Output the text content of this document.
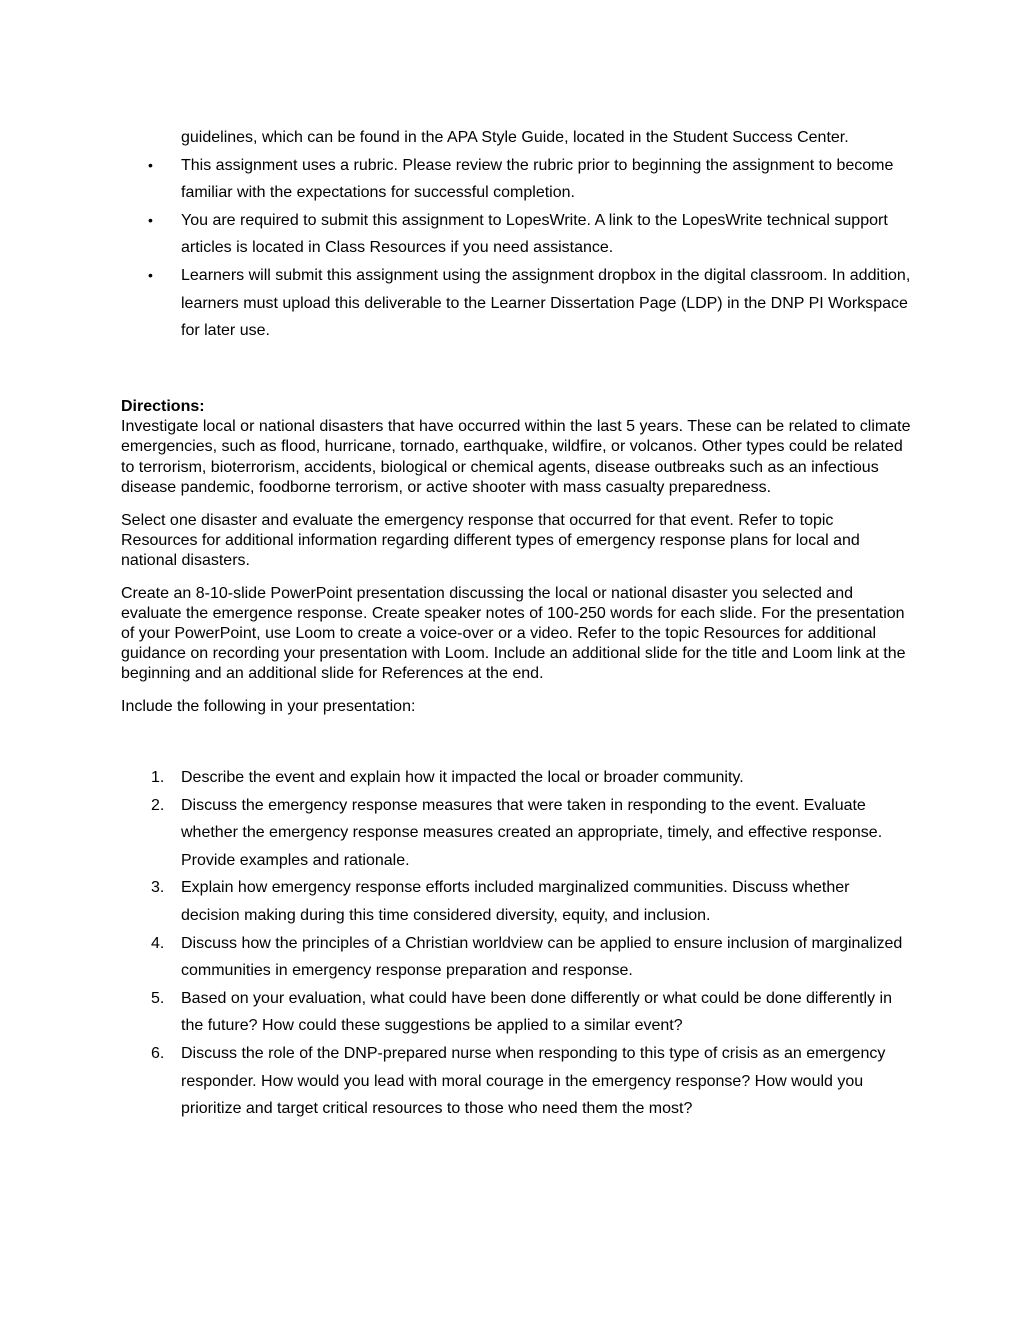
guidelines, which can be found in the APA Style Guide, located in the Student Success Center.
• This assignment uses a rubric. Please review the rubric prior to beginning the assignment to become familiar with the expectations for successful completion.
• You are required to submit this assignment to LopesWrite. A link to the LopesWrite technical support articles is located in Class Resources if you need assistance.
• Learners will submit this assignment using the assignment dropbox in the digital classroom. In addition, learners must upload this deliverable to the Learner Dissertation Page (LDP) in the DNP PI Workspace for later use.
Directions:

Investigate local or national disasters that have occurred within the last 5 years. These can be related to climate emergencies, such as flood, hurricane, tornado, earthquake, wildfire, or volcanos. Other types could be related to terrorism, bioterrorism, accidents, biological or chemical agents, disease outbreaks such as an infectious disease pandemic, foodborne terrorism, or active shooter with mass casualty preparedness.

Select one disaster and evaluate the emergency response that occurred for that event. Refer to topic Resources for additional information regarding different types of emergency response plans for local and national disasters.

Create an 8-10-slide PowerPoint presentation discussing the local or national disaster you selected and evaluate the emergence response. Create speaker notes of 100-250 words for each slide. For the presentation of your PowerPoint, use Loom to create a voice-over or a video. Refer to the topic Resources for additional guidance on recording your presentation with Loom. Include an additional slide for the title and Loom link at the beginning and an additional slide for References at the end.

Include the following in your presentation:

1. Describe the event and explain how it impacted the local or broader community.
2. Discuss the emergency response measures that were taken in responding to the event. Evaluate whether the emergency response measures created an appropriate, timely, and effective response. Provide examples and rationale.
3. Explain how emergency response efforts included marginalized communities. Discuss whether decision making during this time considered diversity, equity, and inclusion.
4. Discuss how the principles of a Christian worldview can be applied to ensure inclusion of marginalized communities in emergency response preparation and response.
5. Based on your evaluation, what could have been done differently or what could be done differently in the future? How could these suggestions be applied to a similar event?
6. Discuss the role of the DNP-prepared nurse when responding to this type of crisis as an emergency responder. How would you lead with moral courage in the emergency response? How would you prioritize and target critical resources to those who need them the most?
